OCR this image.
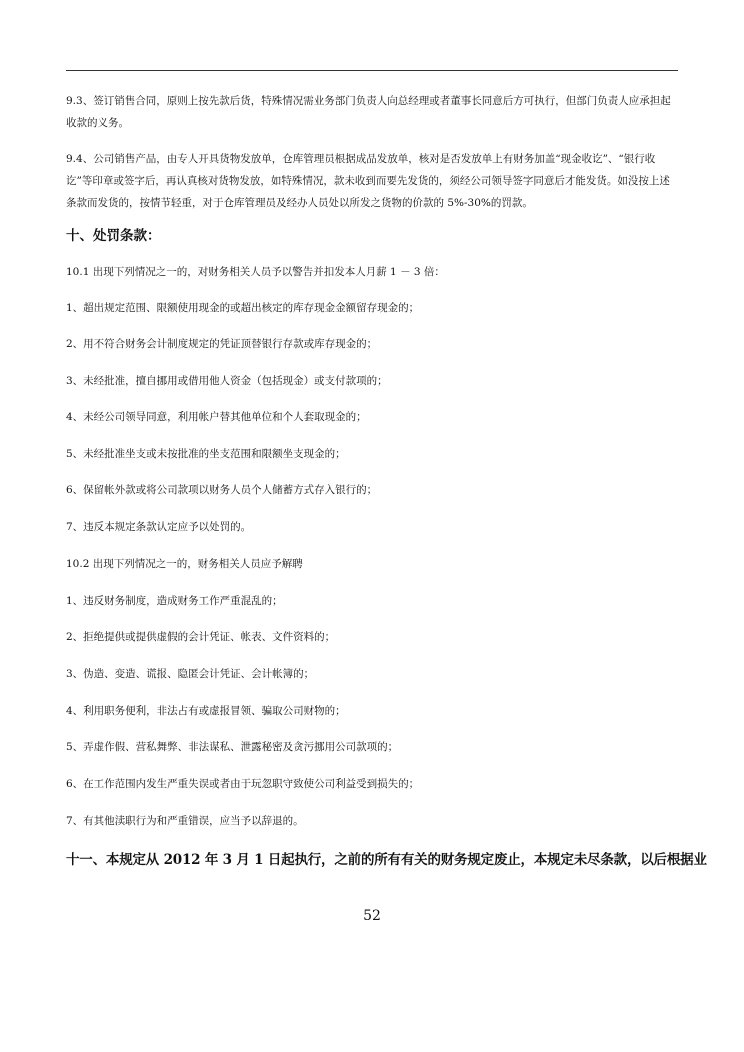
9.3、签订销售合同，原则上按先款后货，特殊情况需业务部门负责人向总经理或者董事长同意后方可执行，但部门负责人应承担起收款的义务。
9.4、公司销售产品，由专人开具货物发放单，仓库管理员根据成品发放单，核对是否发放单上有财务加盖“现金收讫”、“银行收讫”等印章或签字后，再认真核对货物发放，如特殊情况，款未收到而要先发货的，须经公司领导签字同意后才能发货。如没按上述条款而发货的，按情节轻重，对于仓库管理员及经办人员处以所发之货物的价款的 5%-30%的罚款。
十、处罚条款：
10.1 出现下列情况之一的，对财务相关人员予以警告并扣发本人月薪 1 － 3 倍：
1、超出规定范围、限额使用现金的或超出核定的库存现金金额留存现金的；
2、用不符合财务会计制度规定的凭证顶替银行存款或库存现金的；
3、未经批准，擅自挪用或借用他人资金（包括现金）或支付款项的；
4、未经公司领导同意，利用帐户替其他单位和个人套取现金的；
5、未经批准坐支或未按批准的坐支范围和限额坐支现金的；
6、保留帐外款或将公司款项以财务人员个人储蓄方式存入银行的；
7、违反本规定条款认定应予以处罚的。
10.2 出现下列情况之一的，财务相关人员应予解聘
1、违反财务制度，造成财务工作严重混乱的；
2、拒绝提供或提供虚假的会计凭证、帐表、文件资料的；
3、伪造、变造、谎报、隐匿会计凭证、会计帐簿的；
4、利用职务便利，非法占有或虚报冒领、骗取公司财物的；
5、弄虚作假、营私舞弊、非法谋私、泄露秘密及贪污挪用公司款项的；
6、在工作范围内发生严重失误或者由于玩忽职守致使公司利益受到损失的；
7、有其他渎职行为和严重错误，应当予以辞退的。
十一、本规定从 2012 年 3 月 1 日起执行，之前的所有有关的财务规定废止，本规定未尽条款，以后根据业
52
